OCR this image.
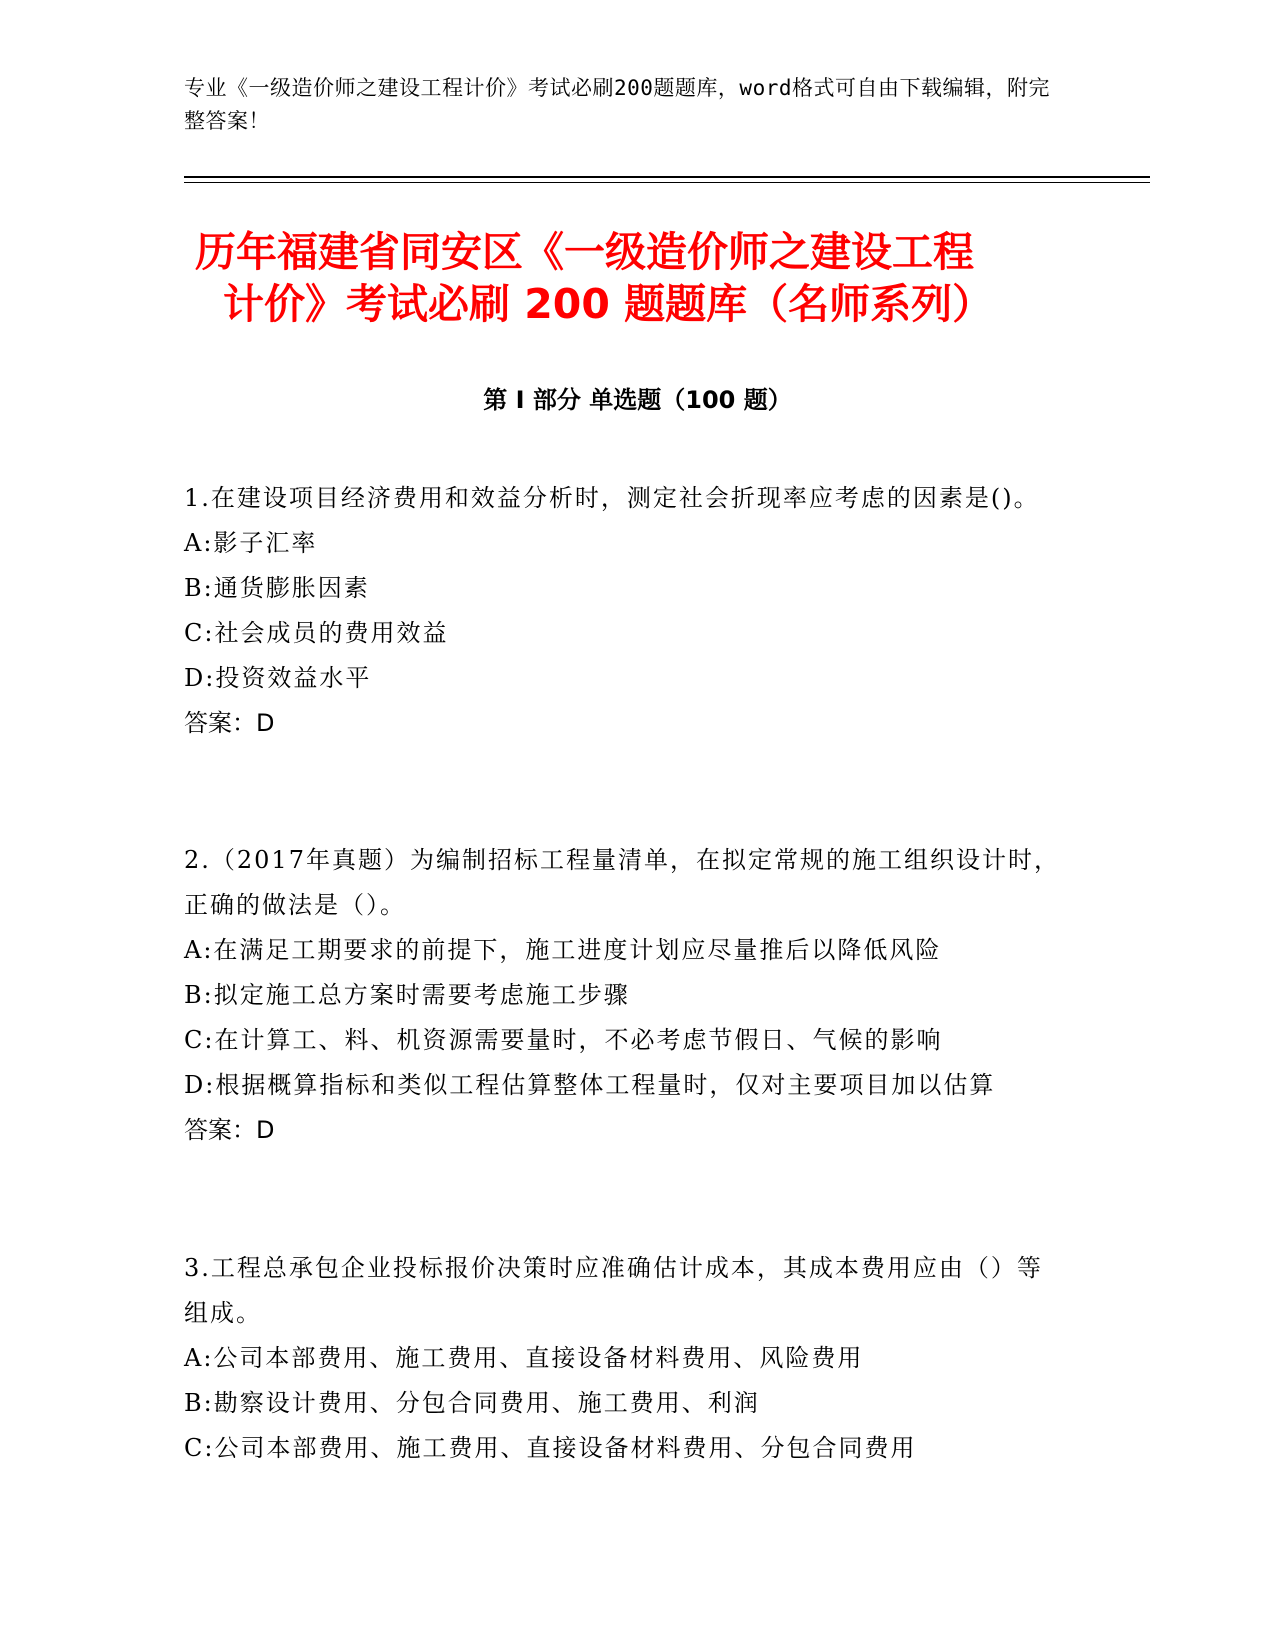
专业《一级造价师之建设工程计价》考试必刷200题题库，word格式可自由下载编辑，附完整答案！

历年福建省同安区《一级造价师之建设工程
计价》考试必刷 200 题题库（名师系列）
第 I 部分 单选题（100 题）

1.在建设项目经济费用和效益分析时，测定社会折现率应考虑的因素是()。

A:影子汇率

B:通货膨胀因素

C:社会成员的费用效益

D:投资效益水平

答案：D

2.（2017年真题）为编制招标工程量清单，在拟定常规的施工组织设计时，正确的做法是（）。

A:在满足工期要求的前提下，施工进度计划应尽量推后以降低风险

B:拟定施工总方案时需要考虑施工步骤

C:在计算工、料、机资源需要量时，不必考虑节假日、气候的影响

D:根据概算指标和类似工程估算整体工程量时，仅对主要项目加以估算

答案：D

3.工程总承包企业投标报价决策时应准确估计成本，其成本费用应由（）等组成。

A:公司本部费用、施工费用、直接设备材料费用、风险费用

B:勘察设计费用、分包合同费用、施工费用、利润

C:公司本部费用、施工费用、直接设备材料费用、分包合同费用
